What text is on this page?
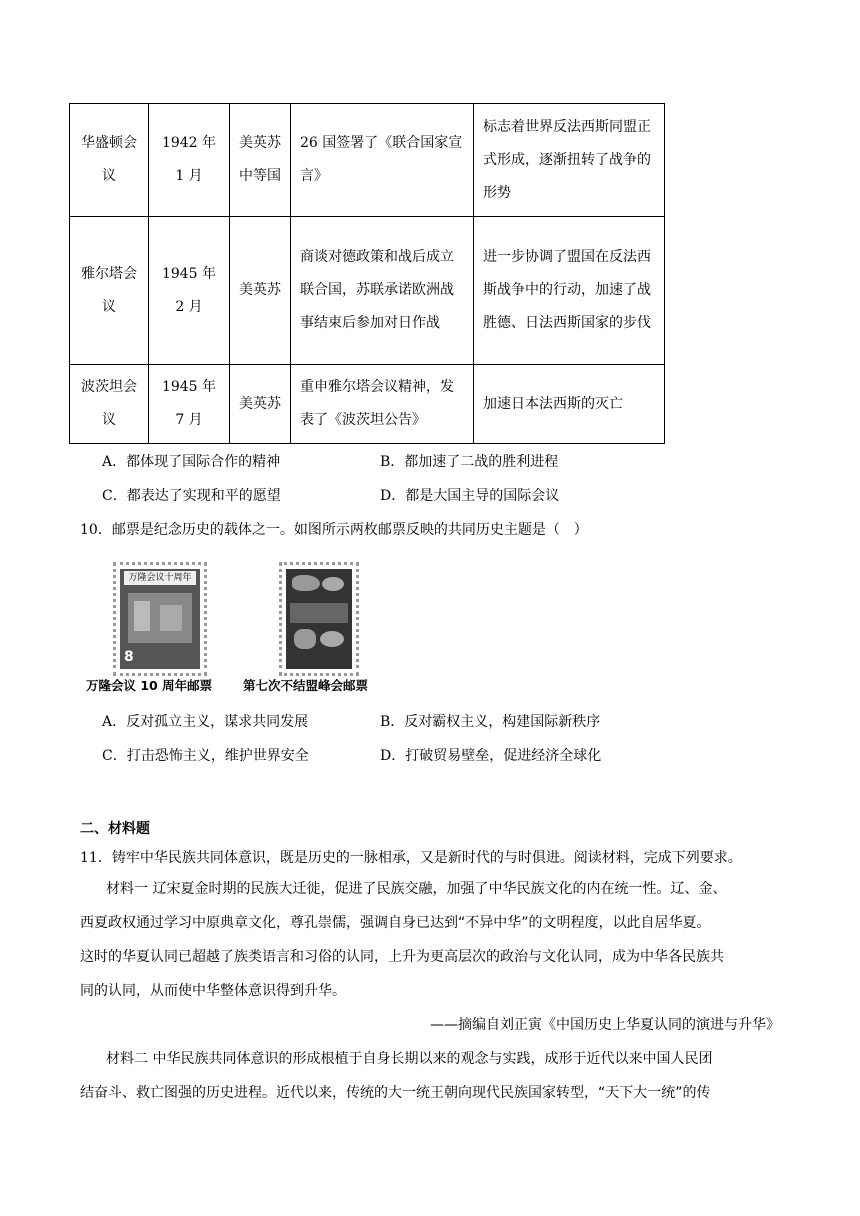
华盛顿会议	1942 年 1 月	美英苏中等国	26 国签署了《联合国家宣言》	标志着世界反法西斯同盟正式形成，逐渐扭转了战争的形势
雅尔塔会议	1945 年 2 月	美英苏	商谈对德政策和战后成立联合国，苏联承诺欧洲战事结束后参加对日作战	进一步协调了盟国在反法西斯战争中的行动，加速了战胜德、日法西斯国家的步伐
波茨坦会议	1945 年 7 月	美英苏	重申雅尔塔会议精神，发表了《波茨坦公告》	加速日本法西斯的灭亡
A．都体现了国际合作的精神	B．都加速了二战的胜利进程
C．都表达了实现和平的愿望	D．都是大国主导的国际会议
10．邮票是纪念历史的载体之一。如图所示两枚邮票反映的共同历史主题是（　）
万隆会议十周年
8
万隆会议 10 周年邮票 第七次不结盟峰会邮票
A．反对孤立主义，谋求共同发展	B．反对霸权主义，构建国际新秩序
C．打击恐怖主义，维护世界安全	D．打破贸易壁垒，促进经济全球化
二、材料题
11．铸牢中华民族共同体意识，既是历史的一脉相承，又是新时代的与时俱进。阅读材料，完成下列要求。
材料一 辽宋夏金时期的民族大迁徙，促进了民族交融，加强了中华民族文化的内在统一性。辽、金、
西夏政权通过学习中原典章文化，尊孔崇儒，强调自身已达到“不异中华”的文明程度，以此自居华夏。
这时的华夏认同已超越了族类语言和习俗的认同，上升为更高层次的政治与文化认同，成为中华各民族共
同的认同，从而使中华整体意识得到升华。
——摘编自刘正寅《中国历史上华夏认同的演进与升华》
材料二 中华民族共同体意识的形成根植于自身长期以来的观念与实践，成形于近代以来中国人民团
结奋斗、救亡图强的历史进程。近代以来，传统的大一统王朝向现代民族国家转型，“天下大一统”的传
